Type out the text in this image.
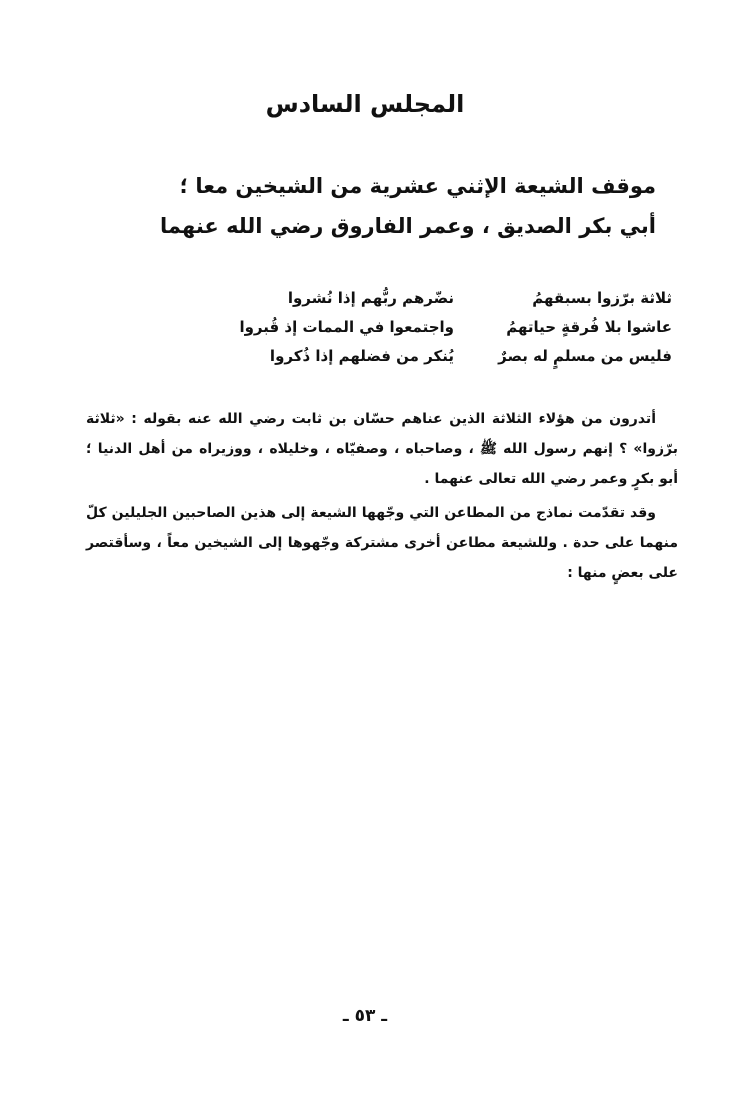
المجلس السادس
موقف الشيعة الإثني عشرية من الشيخين معا ؛
أبي بكر الصديق ، وعمر الفاروق رضي الله عنهما
ثلاثة برّزوا بسبقهمُ
نضّرهم ربُّهم إذا نُشروا
عاشوا بلا فُرقةٍ حياتهمُ
واجتمعوا في الممات إذ قُبروا
فليس من مسلمٍ له بصرٌ
يُنكر من فضلهم إذا ذُكروا

أتدرون من هؤلاء الثلاثة الذين عناهم حسّان بن ثابت رضي الله عنه بقوله : «ثلاثة برّزوا» ؟ إنهم رسول الله ﷺ ، وصاحباه ، وصفيّاه ، وخليلاه ، ووزيراه من أهل الدنيا ؛ أبو بكرٍ وعمر رضي الله تعالى عنهما .

وقد تقدّمت نماذج من المطاعن التي وجّهها الشيعة إلى هذين الصاحبين الجليلين كلّ منهما على حدة . وللشيعة مطاعن أخرى مشتركة وجّهوها إلى الشيخين معاً ، وسأقتصر على بعضٍ منها :

ـ ٥٣ ـ
